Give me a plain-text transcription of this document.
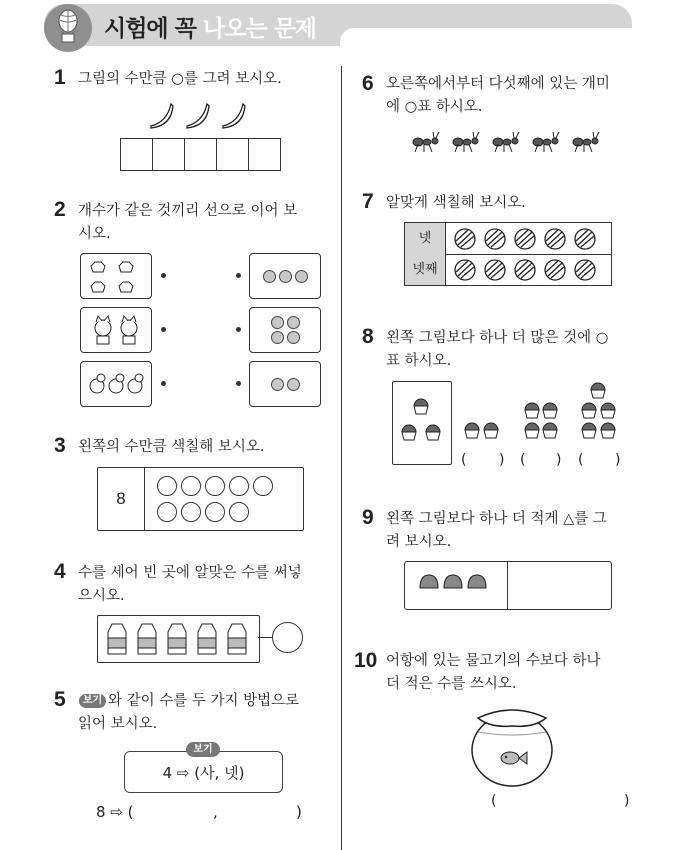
시험에 꼭 나오는 문제
1 그림의 수만큼 ○를 그려 보시오.
2 개수가 같은 것끼리 선으로 이어 보
시오.
3 왼쪽의 수만큼 색칠해 보시오.
8
4 수를 세어 빈 곳에 알맞은 수를 써넣
으시오.
5	보기 와 같이 수를 두 가지 방법으로
읽어 보시오.
보기
4 ⇨ (사, 넷)
8 ⇨ (	,	)
6 오른쪽에서부터 다섯째에 있는 개미
에 ○표 하시오.
7 알맞게 색칠해 보시오.
넷
넷째
8 왼쪽 그림보다 하나 더 많은 것에 ○
표 하시오.
( ) ( ) ( )
9 왼쪽 그림보다 하나 더 적게 △를 그
려 보시오.
10 어항에 있는 물고기의 수보다 하나
더 적은 수를 쓰시오.
(	)
